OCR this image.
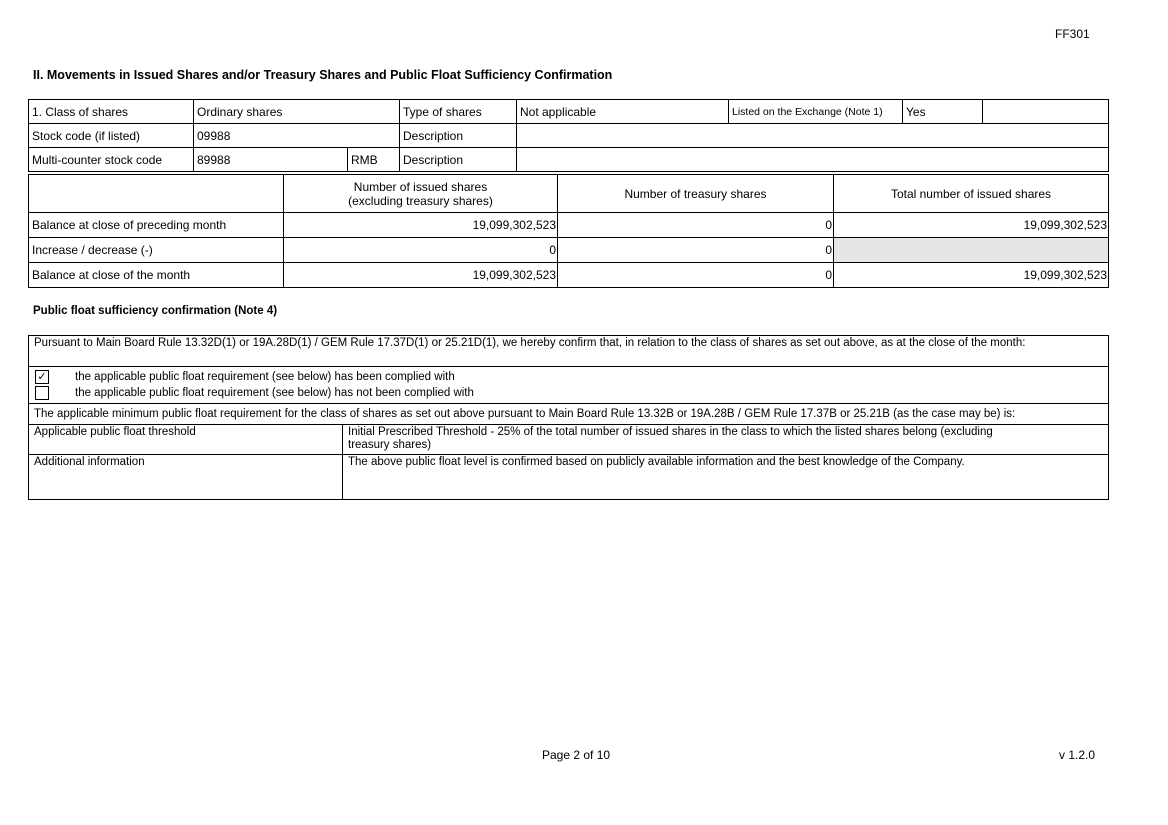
FF301
II. Movements in Issued Shares and/or Treasury Shares and Public Float Sufficiency Confirmation
1. Class of shares	Ordinary shares		Type of shares	Not applicable	Listed on the Exchange (Note 1)	Yes	
Stock code (if listed)	09988		Description				
Multi-counter stock code	89988	RMB	Description				
	Number of issued shares (excluding treasury shares)	Number of treasury shares	Total number of issued shares
Balance at close of preceding month	19,099,302,523	0	19,099,302,523
Increase / decrease (-)	0	0	
Balance at close of the month	19,099,302,523	0	19,099,302,523
Public float sufficiency confirmation (Note 4)
Pursuant to Main Board Rule 13.32D(1) or 19A.28D(1) / GEM Rule 17.37D(1) or 25.21D(1), we hereby confirm that, in relation to the class of shares as set out above, as at the close of the month:	

✓ the applicable public float requirement (see below) has been complied with
the applicable public float requirement (see below) has not been complied with	

The applicable minimum public float requirement for the class of shares as set out above pursuant to Main Board Rule 13.32B or 19A.28B / GEM Rule 17.37B or 25.21B (as the case may be) is:	
Applicable public float threshold	Initial Prescribed Threshold - 25% of the total number of issued shares in the class to which the listed shares belong (excluding treasury shares)
Additional information	The above public float level is confirmed based on publicly available information and the best knowledge of the Company.
Page 2 of 10	v 1.2.0
